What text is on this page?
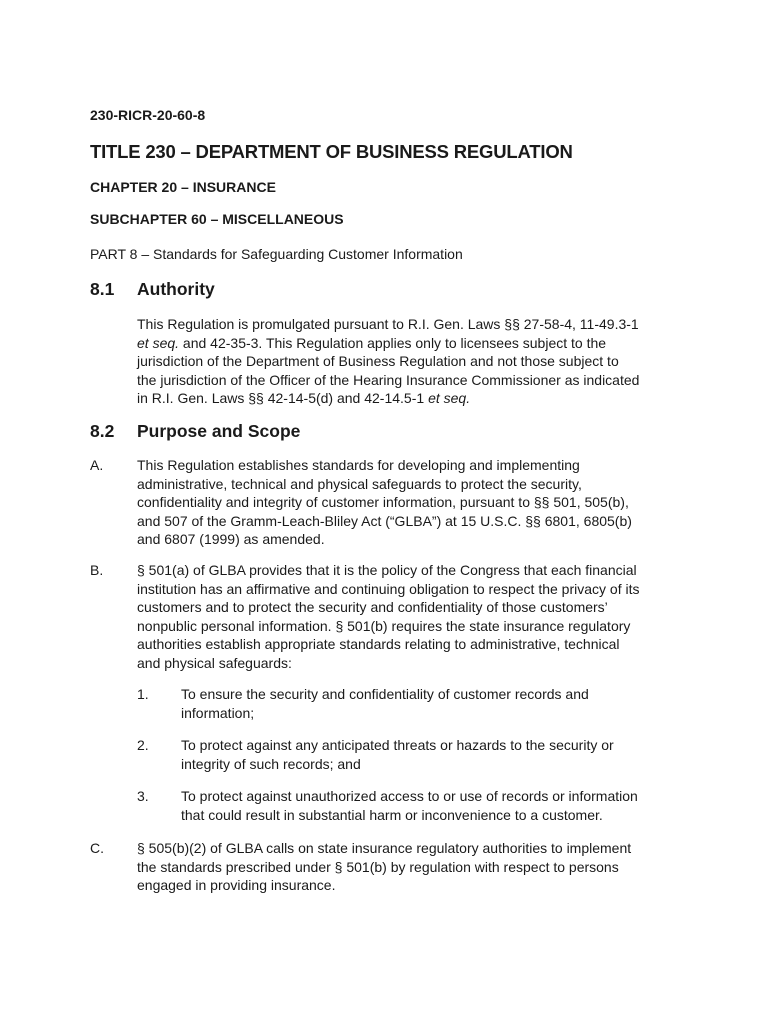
230-RICR-20-60-8
TITLE 230 – DEPARTMENT OF BUSINESS REGULATION
CHAPTER 20 – INSURANCE
SUBCHAPTER 60 – MISCELLANEOUS
PART 8 – Standards for Safeguarding Customer Information
8.1 Authority
This Regulation is promulgated pursuant to R.I. Gen. Laws §§ 27-58-4, 11-49.3-1
et seq. and 42-35-3. This Regulation applies only to licensees subject to the
jurisdiction of the Department of Business Regulation and not those subject to
the jurisdiction of the Officer of the Hearing Insurance Commissioner as indicated
in R.I. Gen. Laws §§ 42-14-5(d) and 42-14.5-1 et seq.
8.2 Purpose and Scope
A. This Regulation establishes standards for developing and implementing
administrative, technical and physical safeguards to protect the security,
confidentiality and integrity of customer information, pursuant to §§ 501, 505(b),
and 507 of the Gramm-Leach-Bliley Act (“GLBA”) at 15 U.S.C. §§ 6801, 6805(b)
and 6807 (1999) as amended.
B. § 501(a) of GLBA provides that it is the policy of the Congress that each financial
institution has an affirmative and continuing obligation to respect the privacy of its
customers and to protect the security and confidentiality of those customers’
nonpublic personal information. § 501(b) requires the state insurance regulatory
authorities establish appropriate standards relating to administrative, technical
and physical safeguards:
1. To ensure the security and confidentiality of customer records and
information;
2. To protect against any anticipated threats or hazards to the security or
integrity of such records; and
3. To protect against unauthorized access to or use of records or information
that could result in substantial harm or inconvenience to a customer.
C. § 505(b)(2) of GLBA calls on state insurance regulatory authorities to implement
the standards prescribed under § 501(b) by regulation with respect to persons
engaged in providing insurance.
